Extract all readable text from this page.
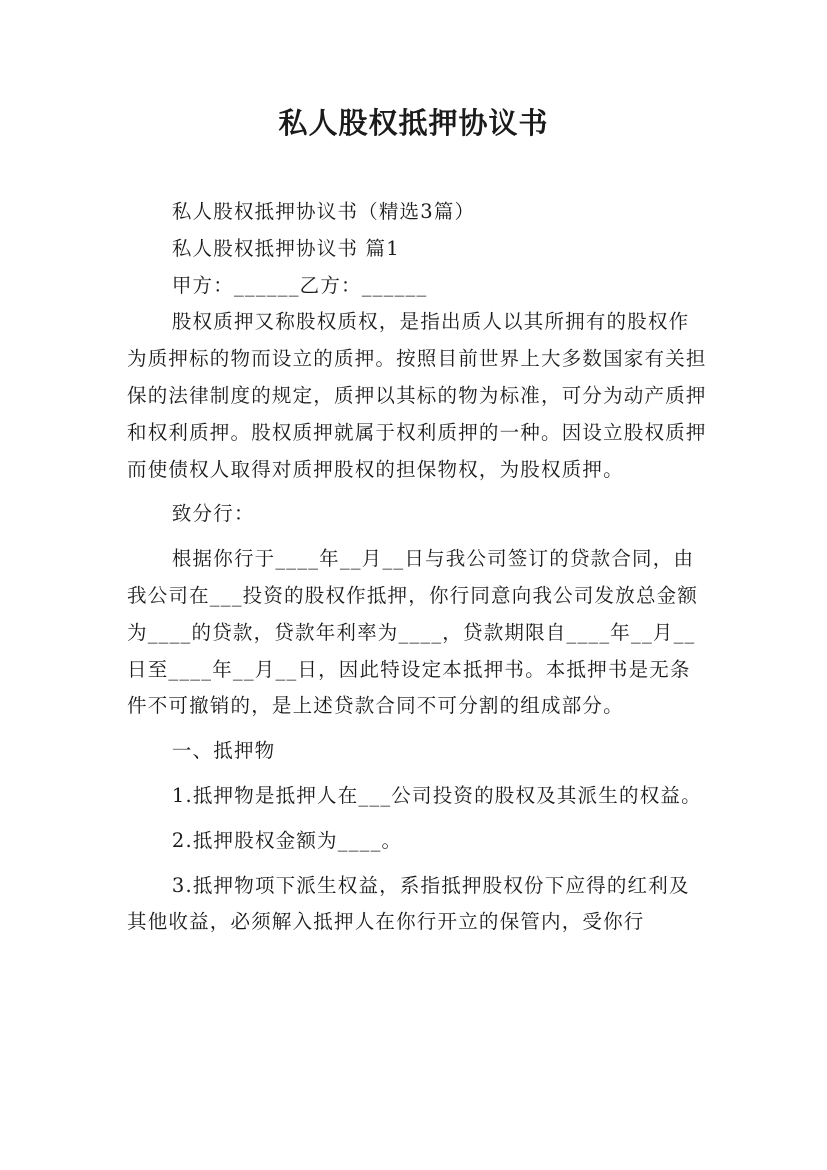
私人股权抵押协议书

私人股权抵押协议书（精选3篇）

私人股权抵押协议书 篇1

甲方：______乙方：______

股权质押又称股权质权，是指出质人以其所拥有的股权作为质押标的物而设立的质押。按照目前世界上大多数国家有关担保的法律制度的规定，质押以其标的物为标准，可分为动产质押和权利质押。股权质押就属于权利质押的一种。因设立股权质押而使债权人取得对质押股权的担保物权，为股权质押。

致分行：

根据你行于____年__月__日与我公司签订的贷款合同，由我公司在___投资的股权作抵押，你行同意向我公司发放总金额为____的贷款，贷款年利率为____，贷款期限自____年__月__日至____年__月__日，因此特设定本抵押书。本抵押书是无条件不可撤销的，是上述贷款合同不可分割的组成部分。

一、抵押物

1.抵押物是抵押人在___公司投资的股权及其派生的权益。

2.抵押股权金额为____。

3.抵押物项下派生权益，系指抵押股权份下应得的红利及其他收益，必须解入抵押人在你行开立的保管内，受你行
